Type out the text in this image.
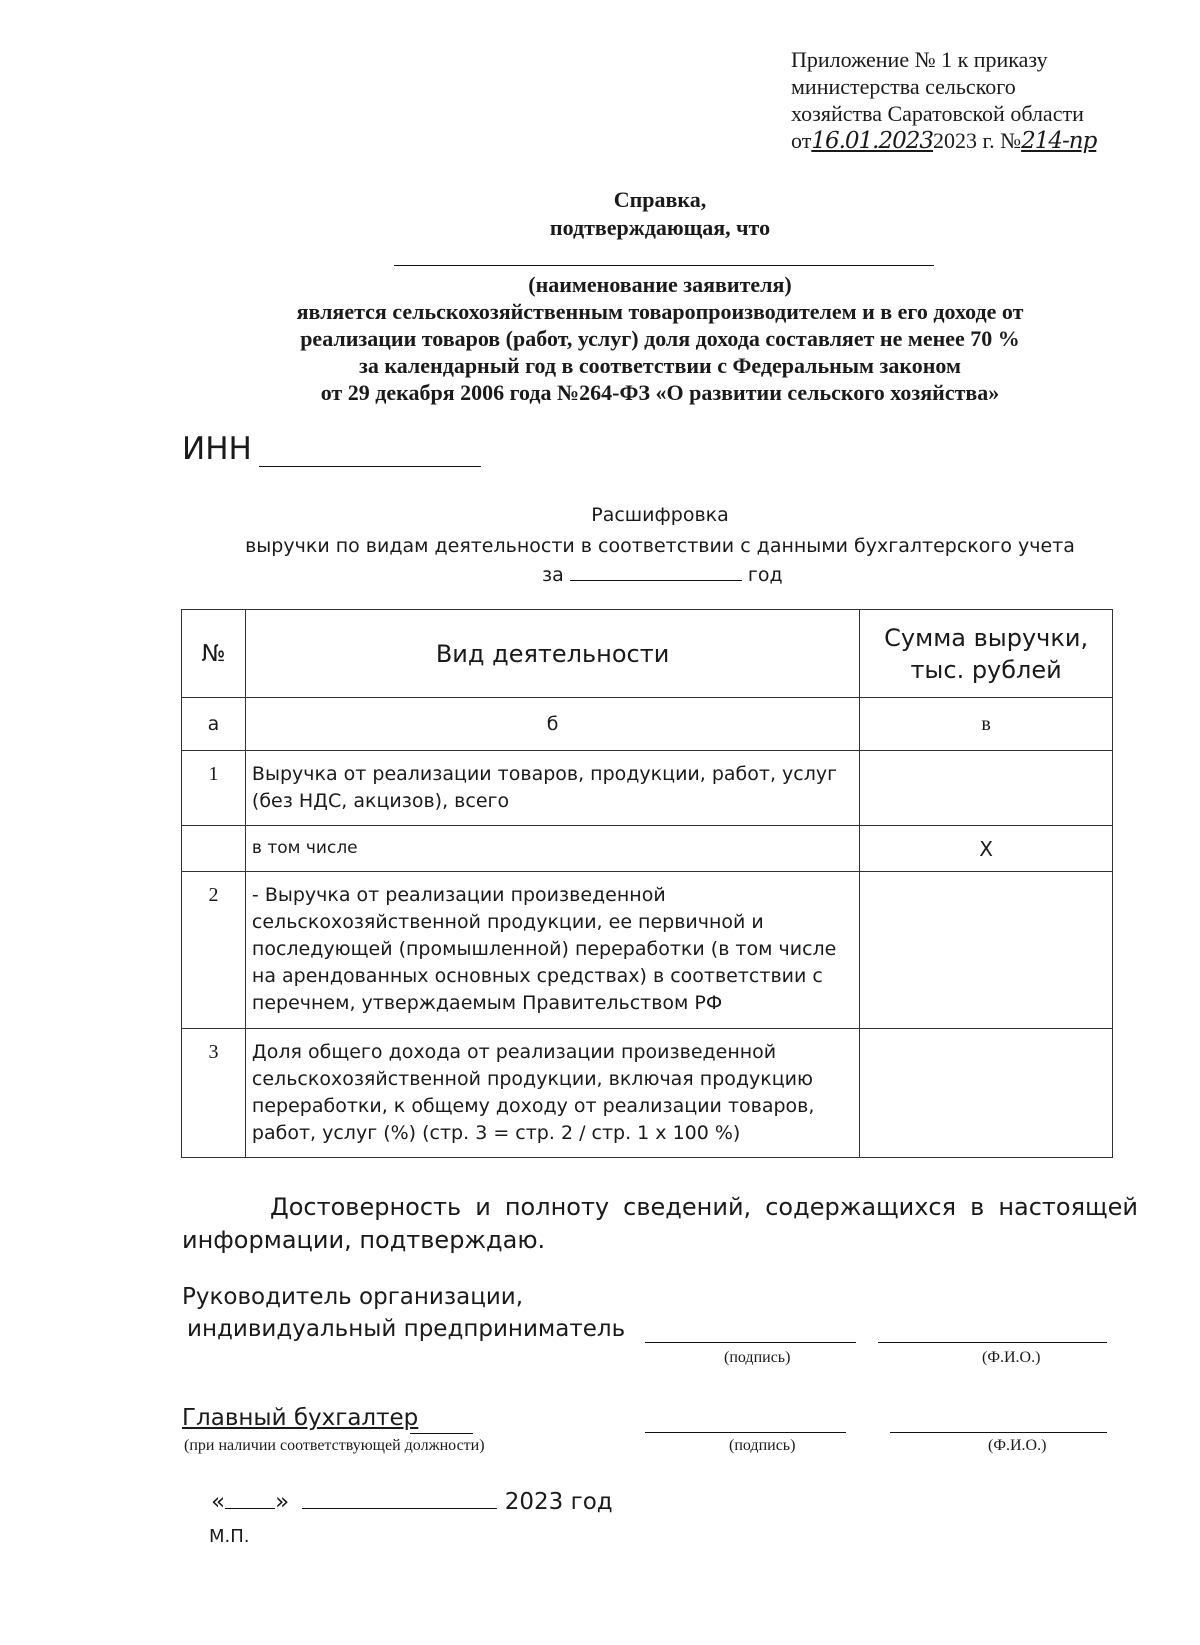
Приложение № 1 к приказу
министерства сельского
хозяйства Саратовской области
от16.01.20232023 г. №214-пр
Справка,
подтверждающая, что
(наименование заявителя)
является сельскохозяйственным товаропроизводителем и в его доходе от
реализации товаров (работ, услуг) доля дохода составляет не менее 70 %
за календарный год в соответствии с Федеральным законом
от 29 декабря 2006 года №264-ФЗ «О развитии сельского хозяйства»
ИНН
Расшифровка
выручки по видам деятельности в соответствии с данными бухгалтерского учета
за	год
№	Вид деятельности	Сумма выручки, тыс. рублей
а	б	в
1	Выручка от реализации товаров, продукции, работ, услуг (без НДС, акцизов), всего	
	в том числе	Х
2	- Выручка от реализации произведенной сельскохозяйственной продукции, ее первичной и последующей (промышленной) переработки (в том числе на арендованных основных средствах) в соответствии с перечнем, утверждаемым Правительством РФ	
3	Доля общего дохода от реализации произведенной сельскохозяйственной продукции, включая продукцию переработки, к общему доходу от реализации товаров, работ, услуг (%) (стр. 3 = стр. 2 / стр. 1 х 100 %)	
Достоверность и полноту сведений, содержащихся в настоящей информации, подтверждаю.
Руководитель организации,
индивидуальный предприниматель
(подпись)	(Ф.И.О.)
Главный бухгалтер
(при наличии соответствующей должности)	(подпись)	(Ф.И.О.)
« »	2023 год
М.П.
